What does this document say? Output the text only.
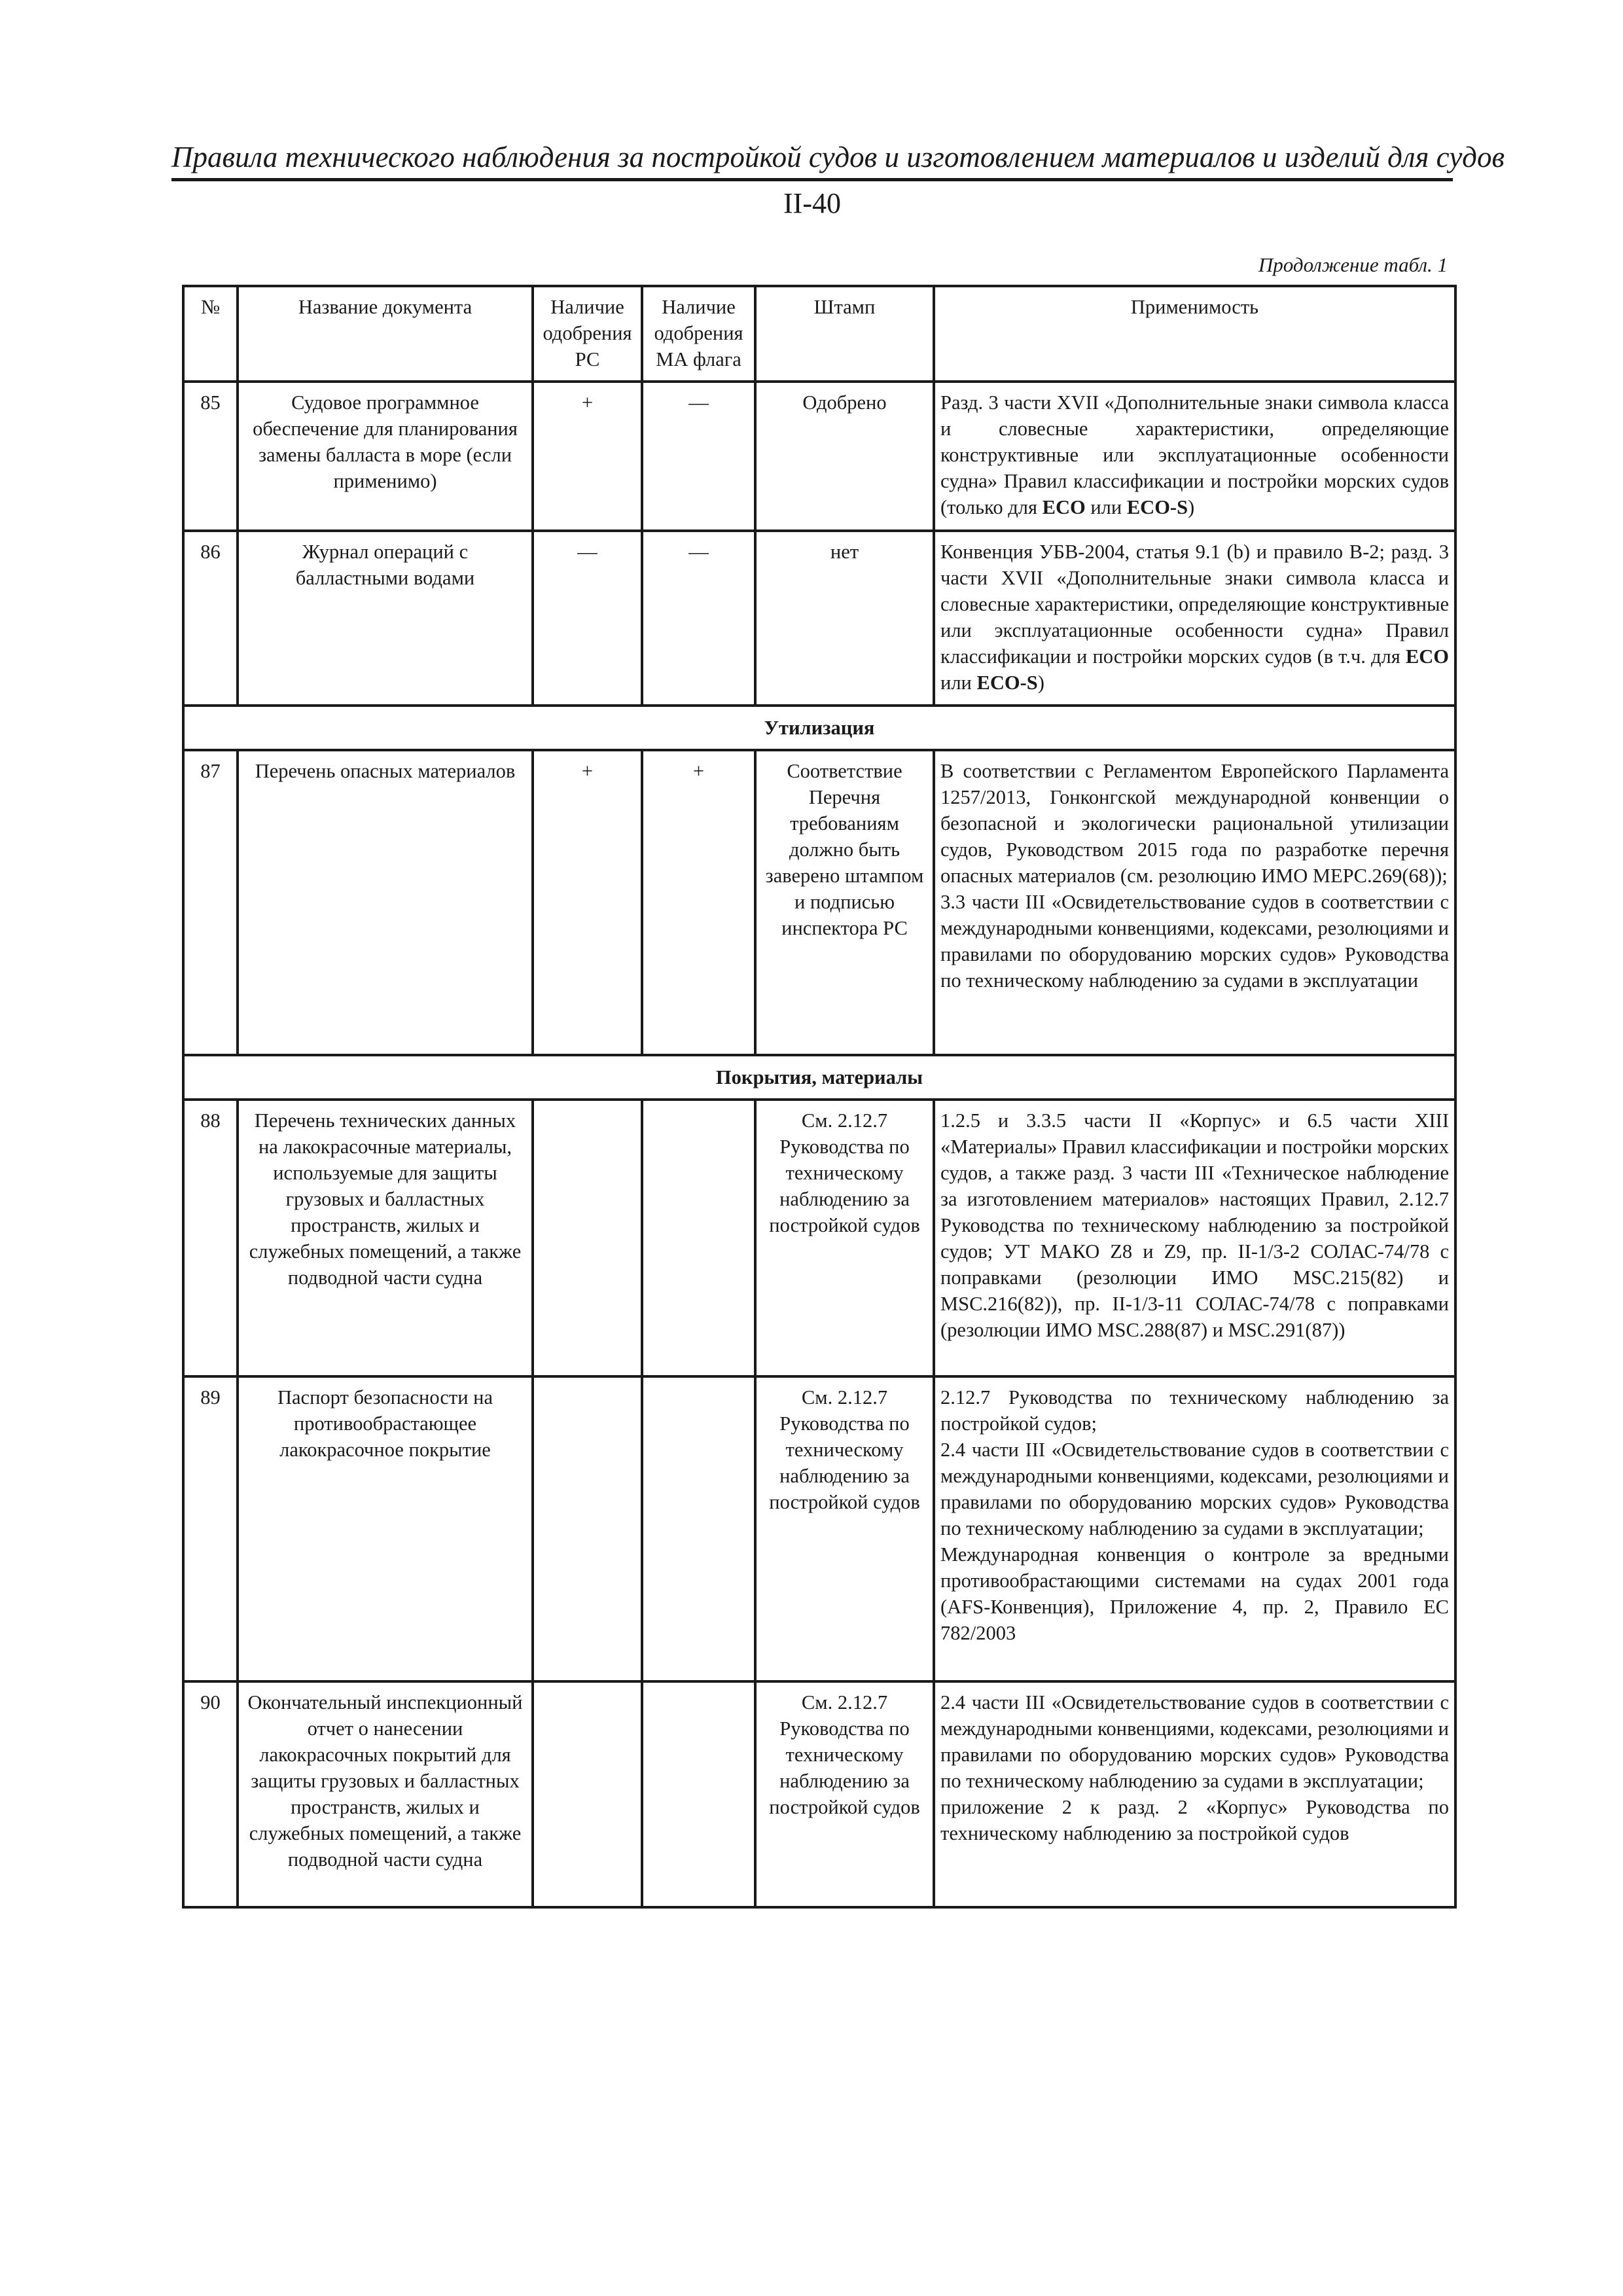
Правила технического наблюдения за постройкой судов и изготовлением материалов и изделий для судов
II-40
Продолжение табл. 1
№	Название документа	Наличие одобрения РС	Наличие одобрения МА флага	Штамп	Применимость
85	Судовое программное обеспечение для планирования замены балласта в море (если применимо)	+	—	Одобрено	Разд. 3 части XVII «Дополнительные знаки символа класса и словесные характеристики, определяющие конструктивные или эксплуатационные особенности судна» Правил классификации и постройки морских судов (только для ECO или ECO-S)
86	Журнал операций с балластными водами	—	—	нет	Конвенция УБВ-2004, статья 9.1 (b) и правило B-2; разд. 3 части XVII «Дополнительные знаки символа класса и словесные характеристики, определяющие конструктивные или эксплуатационные особенности судна» Правил классификации и постройки морских судов (в т.ч. для ECO или ECO-S)
Утилизация					
87	Перечень опасных материалов	+	+	Соответствие Перечня требованиям должно быть заверено штампом и подписью инспектора РС	В соответствии с Регламентом Европейского Парламента 1257/2013, Гонконгской международной конвенции о безопасной и экологически рациональной утилизации судов, Руководством 2015 года по разработке перечня опасных материалов (см. резолюцию ИМО MEPC.269(68));
3.3 части III «Освидетельствование судов в соответствии с международными конвенциями, кодексами, резолюциями и правилами по оборудованию морских судов» Руководства по техническому наблюдению за судами в эксплуатации

Покрытия, материалы					
88	Перечень технических данных на лакокрасочные материалы, используемые для защиты грузовых и балластных пространств, жилых и служебных помещений, а также подводной части судна			См. 2.12.7 Руководства по техническому наблюдению за постройкой судов	1.2.5 и 3.3.5 части II «Корпус» и 6.5 части XIII «Материалы» Правил классификации и постройки морских судов, а также разд. 3 части III «Техническое наблюдение за изготовлением материалов» настоящих Правил, 2.12.7 Руководства по техническому наблюдению за постройкой судов; УТ МАКО Z8 и Z9, пр. II-1/3-2 СОЛАС-74/78 с поправками (резолюции ИМО MSC.215(82) и MSC.216(82)), пр. II-1/3-11 СОЛАС-74/78 с поправками (резолюции ИМО MSC.288(87) и MSC.291(87))
89	Паспорт безопасности на противообрастающее лакокрасочное покрытие			См. 2.12.7 Руководства по техническому наблюдению за постройкой судов	2.12.7 Руководства по техническому наблюдению за постройкой судов;
2.4 части III «Освидетельствование судов в соответствии с международными конвенциями, кодексами, резолюциями и правилами по оборудованию морских судов» Руководства по техническому наблюдению за судами в эксплуатации;
Международная конвенция о контроле за вредными противообрастающими системами на судах 2001 года (AFS-Конвенция), Приложение 4, пр. 2, Правило ЕС 782/2003

90	Окончательный инспекционный отчет о нанесении лакокрасочных покрытий для защиты грузовых и балластных пространств, жилых и служебных помещений, а также подводной части судна			См. 2.12.7 Руководства по техническому наблюдению за постройкой судов	2.4 части III «Освидетельствование судов в соответствии с международными конвенциями, кодексами, резолюциями и правилами по оборудованию морских судов» Руководства по техническому наблюдению за судами в эксплуатации;
приложение 2 к разд. 2 «Корпус» Руководства по техническому наблюдению за постройкой судов
